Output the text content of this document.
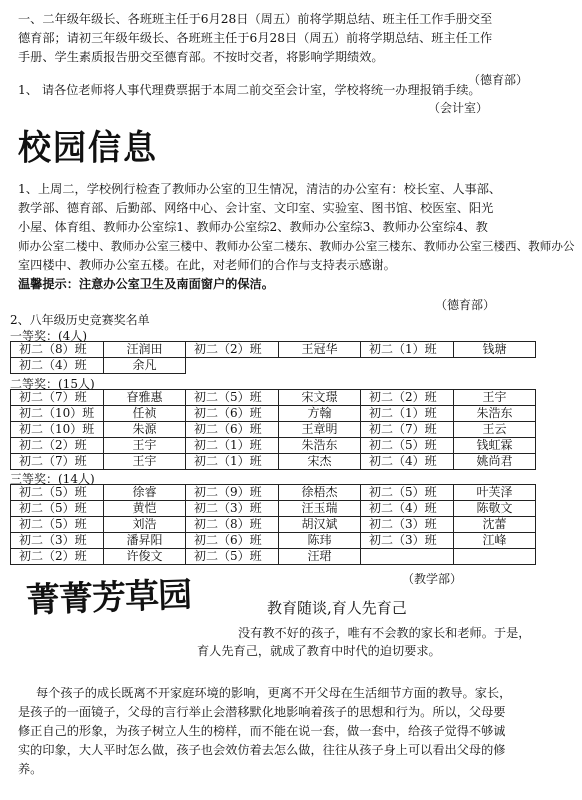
一、二年级年级长、各班班主任于6月28日（周五）前将学期总结、班主任工作手册交至
德育部；请初三年级年级长、各班班主任于6月28日（周五）前将学期总结、班主任工作
手册、学生素质报告册交至德育部。不按时交者，将影响学期绩效。
（德育部）
1、 请各位老师将人事代理费票据于本周二前交至会计室，学校将统一办理报销手续。
（会计室）
校园信息
1、上周二，学校例行检查了教师办公室的卫生情况，清洁的办公室有：校长室、人事部、
教学部、德育部、后勤部、网络中心、会计室、文印室、实验室、图书馆、校医室、阳光
小屋、体育组、教师办公室综1、教师办公室综2、教师办公室综3、教师办公室综4、教
师办公室二楼中、教师办公室三楼中、教师办公室二楼东、教师办公室三楼东、教师办公室三楼西、教师办公
室四楼中、教师办公室五楼。在此，对老师们的合作与支持表示感谢。
温馨提示：注意办公室卫生及南面窗户的保洁。
（德育部）
2、八年级历史竞赛奖名单
一等奖：(4人)
初二（8）班	汪润田	初二（2）班	王冠华	初二（1）班	钱瑭
初二（4）班	余凡				
二等奖：(15人)
初二（7）班	眘雅惠	初二（5）班	宋文璟	初二（2）班	王宇
初二（10）班	任祯	初二（6）班	方翰	初二（1）班	朱浩东
初二（10）班	朱源	初二（6）班	王章明	初二（7）班	王云
初二（2）班	王宇	初二（1）班	朱浩东	初二（5）班	钱虹霖
初二（7）班	王宇	初二（1）班	宋杰	初二（4）班	姚尚君
三等奖：(14人)
初二（5）班	徐睿	初二（9）班	徐梧杰	初二（5）班	叶芙泽
初二（5）班	黄恺	初二（3）班	汪玉瑞	初二（4）班	陈敬文
初二（5）班	刘浩	初二（8）班	胡汉斌	初二（3）班	沈蕾
初二（3）班	潘昇阳	初二（6）班	陈玮	初二（3）班	江峰
初二（2）班	许俊文	初二（5）班	汪珺		
（教学部）
菁菁芳草园	教育随谈,育人先育己
没有教不好的孩子，唯有不会教的家长和老师。于是，
育人先育己，就成了教育中时代的迫切要求。
每个孩子的成长既离不开家庭环境的影响，更离不开父母在生活细节方面的教导。家长，
是孩子的一面镜子，父母的言行举止会潜移默化地影响着孩子的思想和行为。所以，父母要
修正自己的形象，为孩子树立人生的榜样，而不能在说一套，做一套中，给孩子觉得不够诚
实的印象，大人平时怎么做，孩子也会效仿着去怎么做，往往从孩子身上可以看出父母的修
养。
